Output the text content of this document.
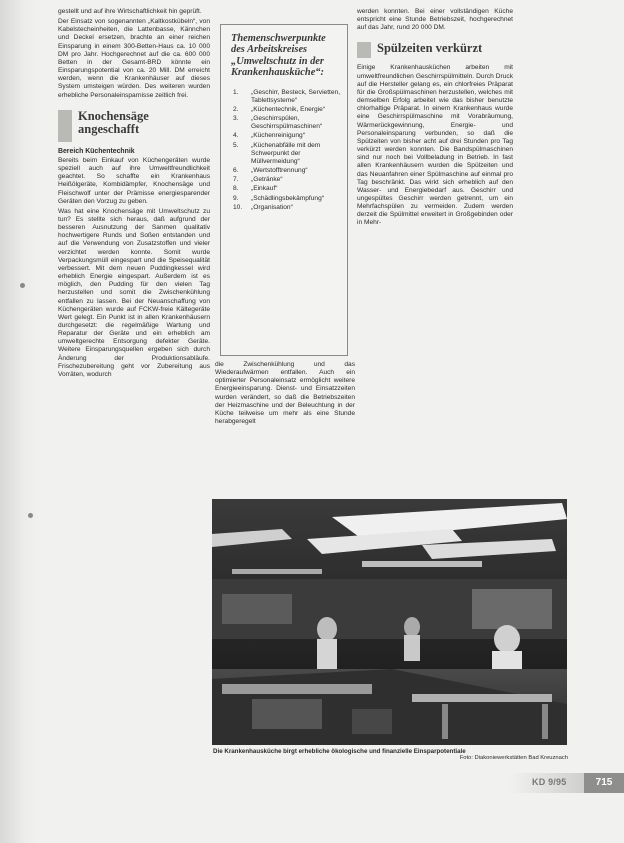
gestellt und auf ihre Wirtschaftlichkeit hin geprüft.

Der Einsatz von sogenannten „Kaltkostkübeln“, von Kabelstecheinheiten, die Lattenbasse, Kännchen und Deckel ersetzen, brachte an einer reichen Einsparung in einem 300-Betten-Haus ca. 10 000 DM pro Jahr. Hochgerechnet auf die ca. 600 000 Betten in der Gesamt-BRD könnte ein Einsparungspotential von ca. 20 Mill. DM erreicht werden, wenn die Krankenhäuser auf dieses System umsteigen würden. Des weiteren wurden erhebliche Personaleinsparnisse zeitlich frei.

Knochensäge angeschafft
Bereich Küchentechnik

Bereits beim Einkauf von Küchengeräten wurde speziell auch auf ihre Umweltfreundlichkeit geachtet. So schaffte ein Krankenhaus Heißölgeräte, Kombidämpfer, Knochensäge und Fleischwolf unter der Prämisse energiesparender Geräten den Vorzug zu geben.

Was hat eine Knochensäge mit Umweltschutz zu tun? Es stellte sich heraus, daß aufgrund der besseren Ausnutzung der Sanmen qualitativ hochwertigere Runds und Soßen entstanden und auf die Verwendung von Zusatzstoffen und vieler verzichtet werden konnte. Somit wurde Verpackungsmüll eingespart und die Speisequalität verbessert. Mit dem neuen Puddingkessel wird erheblich Energie eingespart. Außerdem ist es möglich, den Pudding für den vielen Tag herzustellen und somit die Zwischenkühlung entfallen zu lassen. Bei der Neuanschaffung von Küchengeräten wurde auf FCKW-freie Kältegeräte Wert gelegt. Ein Punkt ist in allen Krankenhäusern durchgesetzt: die regelmäßige Wartung und Reparatur der Geräte und ein erheblich am umweltgerechte Entsorgung defekter Geräte. Weitere Einsparungsquellen ergeben sich durch Änderung der Produktionsabläufe. Frischezubereitung geht vor Zubereitung aus Vorräten, wodurch

Themenschwerpunkte des Arbeitskreises „Umweltschutz in der Krankenhausküche“:
1.	„Geschirr, Besteck, Servietten, Tablettsysteme“
2.	„Küchentechnik, Energie“
3.	„Geschirrspülen, Geschirrspülmaschinen“
4.	„Küchenreinigung“
5.	„Küchenabfälle mit dem Schwerpunkt der Müllvermeidung“
6.	„Wertstofftrennung“
7.	„Getränke“
8.	„Einkauf“
9.	„Schädlingsbekämpfung“
10.	„Organisation“

die Zwischenkühlung und das Wiederaufwärmen entfallen. Auch ein optimierter Personaleinsatz ermöglicht weitere Energieeinsparung. Dienst- und Einsatzzeiten wurden verändert, so daß die Betriebszeiten der Heizmaschine und der Beleuchtung in der Küche teilweise um mehr als eine Stunde herabgeregelt

werden konnten. Bei einer vollständigen Küche entspricht eine Stunde Betriebszeit, hochgerechnet auf das Jahr, rund 20 000 DM.

Spülzeiten verkürzt

Einige Krankenhausküchen arbeiten mit umweltfreundlichen Geschirrspülmitteln. Durch Druck auf die Hersteller gelang es, ein chlorfreies Präparat für die Großspülmaschinen herzustellen, welches mit demselben Erfolg arbeitet wie das bisher benutzte chlorhaltige Präparat. In einem Krankenhaus wurde eine Geschirrspülmaschine mit Vorabräumung, Wärmerückgewinnung, Energie- und Personaleinsparung verbunden, so daß die Spülzeiten von bisher acht auf drei Stunden pro Tag verkürzt werden konnten. Die Bandspülmaschinen sind nur noch bei Vollbeladung in Betrieb. In fast allen Krankenhäusern wurden die Spülzeiten und das Neuanfahren einer Spülmaschine auf einmal pro Tag beschränkt. Das wirkt sich erheblich auf den Wasser- und Energiebedarf aus. Geschirr und ungespültes Geschirr werden getrennt, um ein Mehrfachspülen zu vermeiden. Zudem werden derzeit die Spülmittel erweitert in Großgebinden oder in Mehr-

Die Krankenhausküche birgt erhebliche ökologische und finanzielle Einsparpotentiale
Foto: Diakoniewerkstätten Bad Kreuznach
KD 9/95	715
